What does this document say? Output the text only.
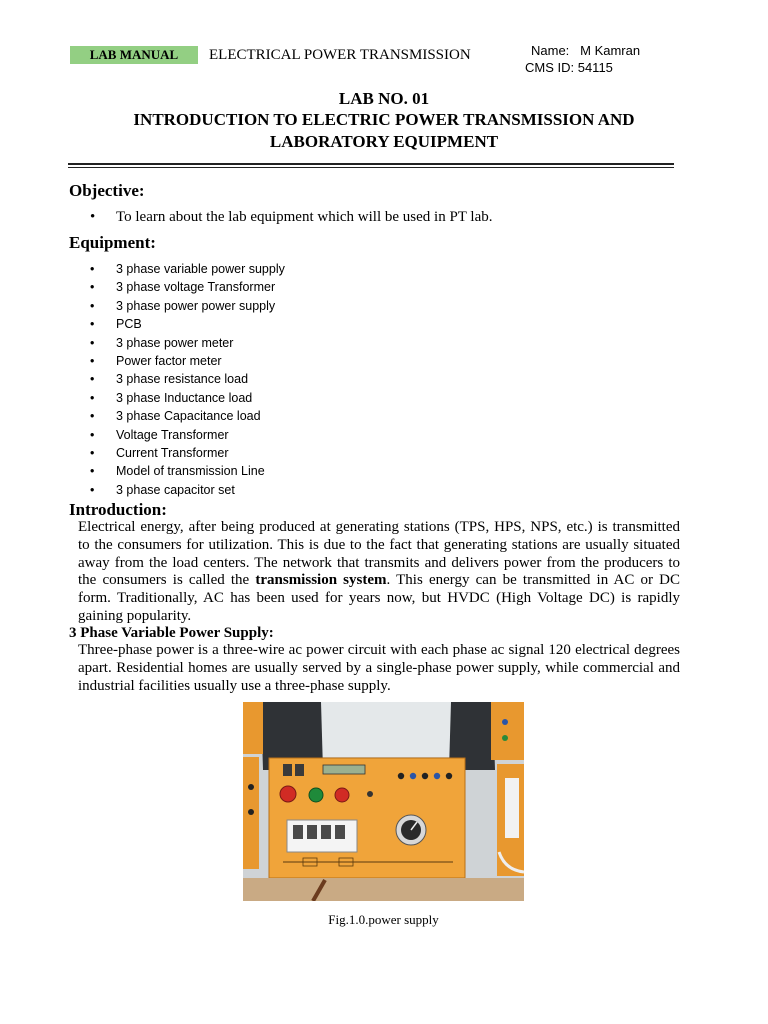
LAB MANUAL	ELECTRICAL POWER TRANSMISSION	Name:   M Kamran
CMS ID: 54115
LAB NO. 01
INTRODUCTION TO ELECTRIC POWER TRANSMISSION AND
LABORATORY EQUIPMENT
Objective:
• To learn about the lab equipment which will be used in PT lab.
Equipment:
• 3 phase variable power supply
• 3 phase voltage Transformer
• 3 phase power power supply
• PCB
• 3 phase power meter
• Power factor meter
• 3 phase resistance load
• 3 phase Inductance load
• 3 phase Capacitance load
• Voltage Transformer
• Current Transformer
• Model of transmission Line
• 3 phase capacitor set
Introduction:

Electrical energy, after being produced at generating stations (TPS, HPS, NPS, etc.) is transmitted to the consumers for utilization. This is due to the fact that generating stations are usually situated away from the load centers. The network that transmits and delivers power from the producers to the consumers is called the transmission system. This energy can be transmitted in AC or DC form. Traditionally, AC has been used for years now, but HVDC (High Voltage DC) is rapidly gaining popularity.

3 Phase Variable Power Supply:

Three-phase power is a three-wire ac power circuit with each phase ac signal 120 electrical degrees apart. Residential homes are usually served by a single-phase power supply, while commercial and industrial facilities usually use a three-phase supply.

Fig.1.0.power supply
